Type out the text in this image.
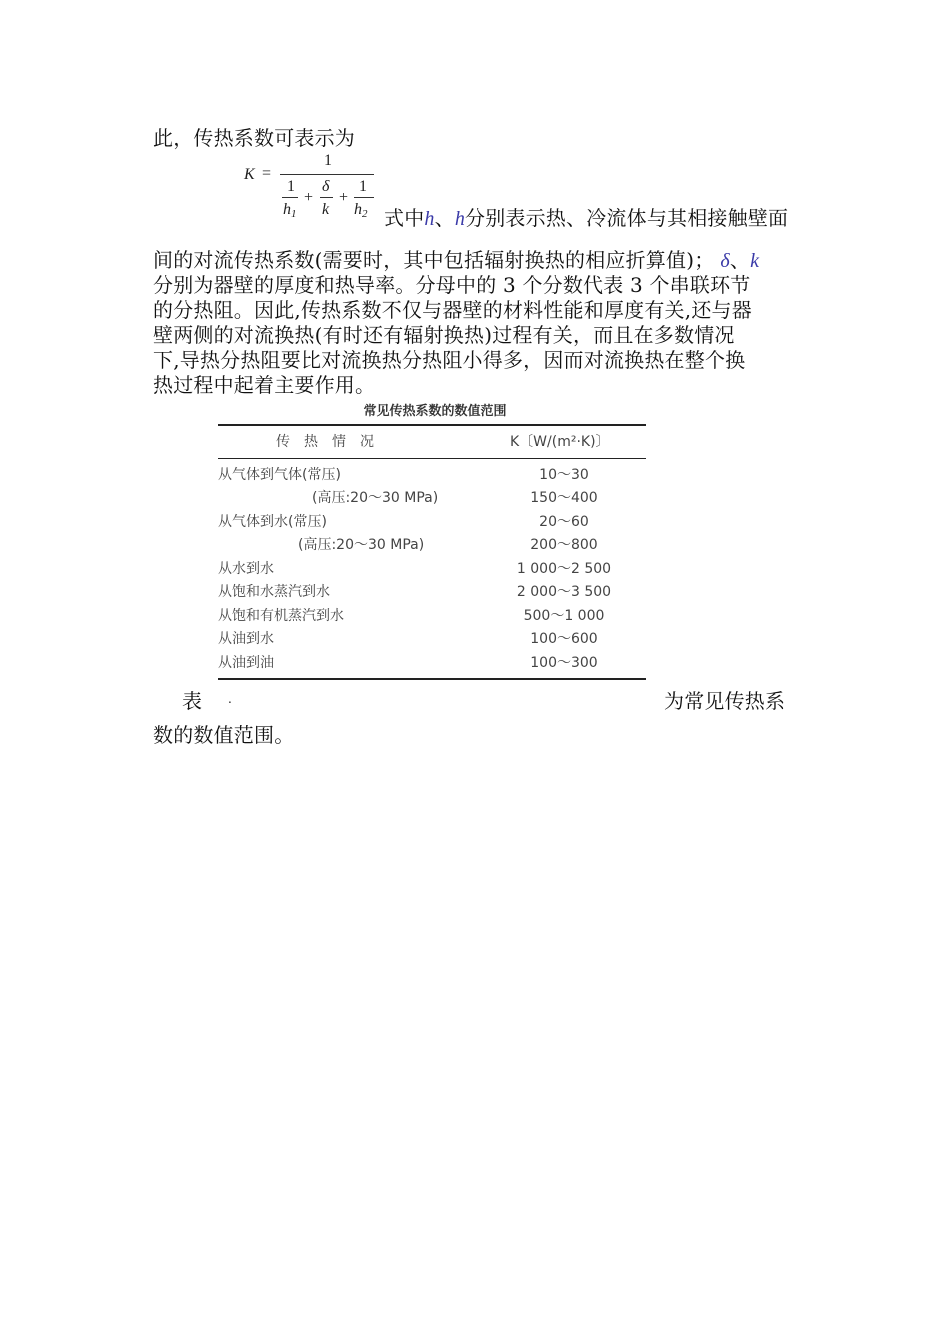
此，传热系数可表示为
K =
1
1
h1
+
δ
k
+
1
h2 式中h、h分别表示热、冷流体与其相接触壁面
间的对流传热系数(需要时，其中包括辐射换热的相应折算值)； δ、k
分别为器壁的厚度和热导率。分母中的 3 个分数代表 3 个串联环节
的分热阻。因此,传热系数不仅与器壁的材料性能和厚度有关,还与器
壁两侧的对流换热(有时还有辐射换热)过程有关，而且在多数情况
下,导热分热阻要比对流换热分热阻小得多，因而对流换热在整个换
热过程中起着主要作用。
常见传热系数的数值范围
传　热　情　况	K〔W/(m²·K)〕
从气体到气体(常压)	10～30
(高压:20～30 MPa)	150～400
从气体到水(常压)	20～60
(高压:20～30 MPa)	200～800
从水到水	1 000～2 500
从饱和水蒸汽到水	2 000～3 500
从饱和有机蒸汽到水	500～1 000
从油到水	100～600
从油到油	100～300
表 .	为常见传热系
数的数值范围。
